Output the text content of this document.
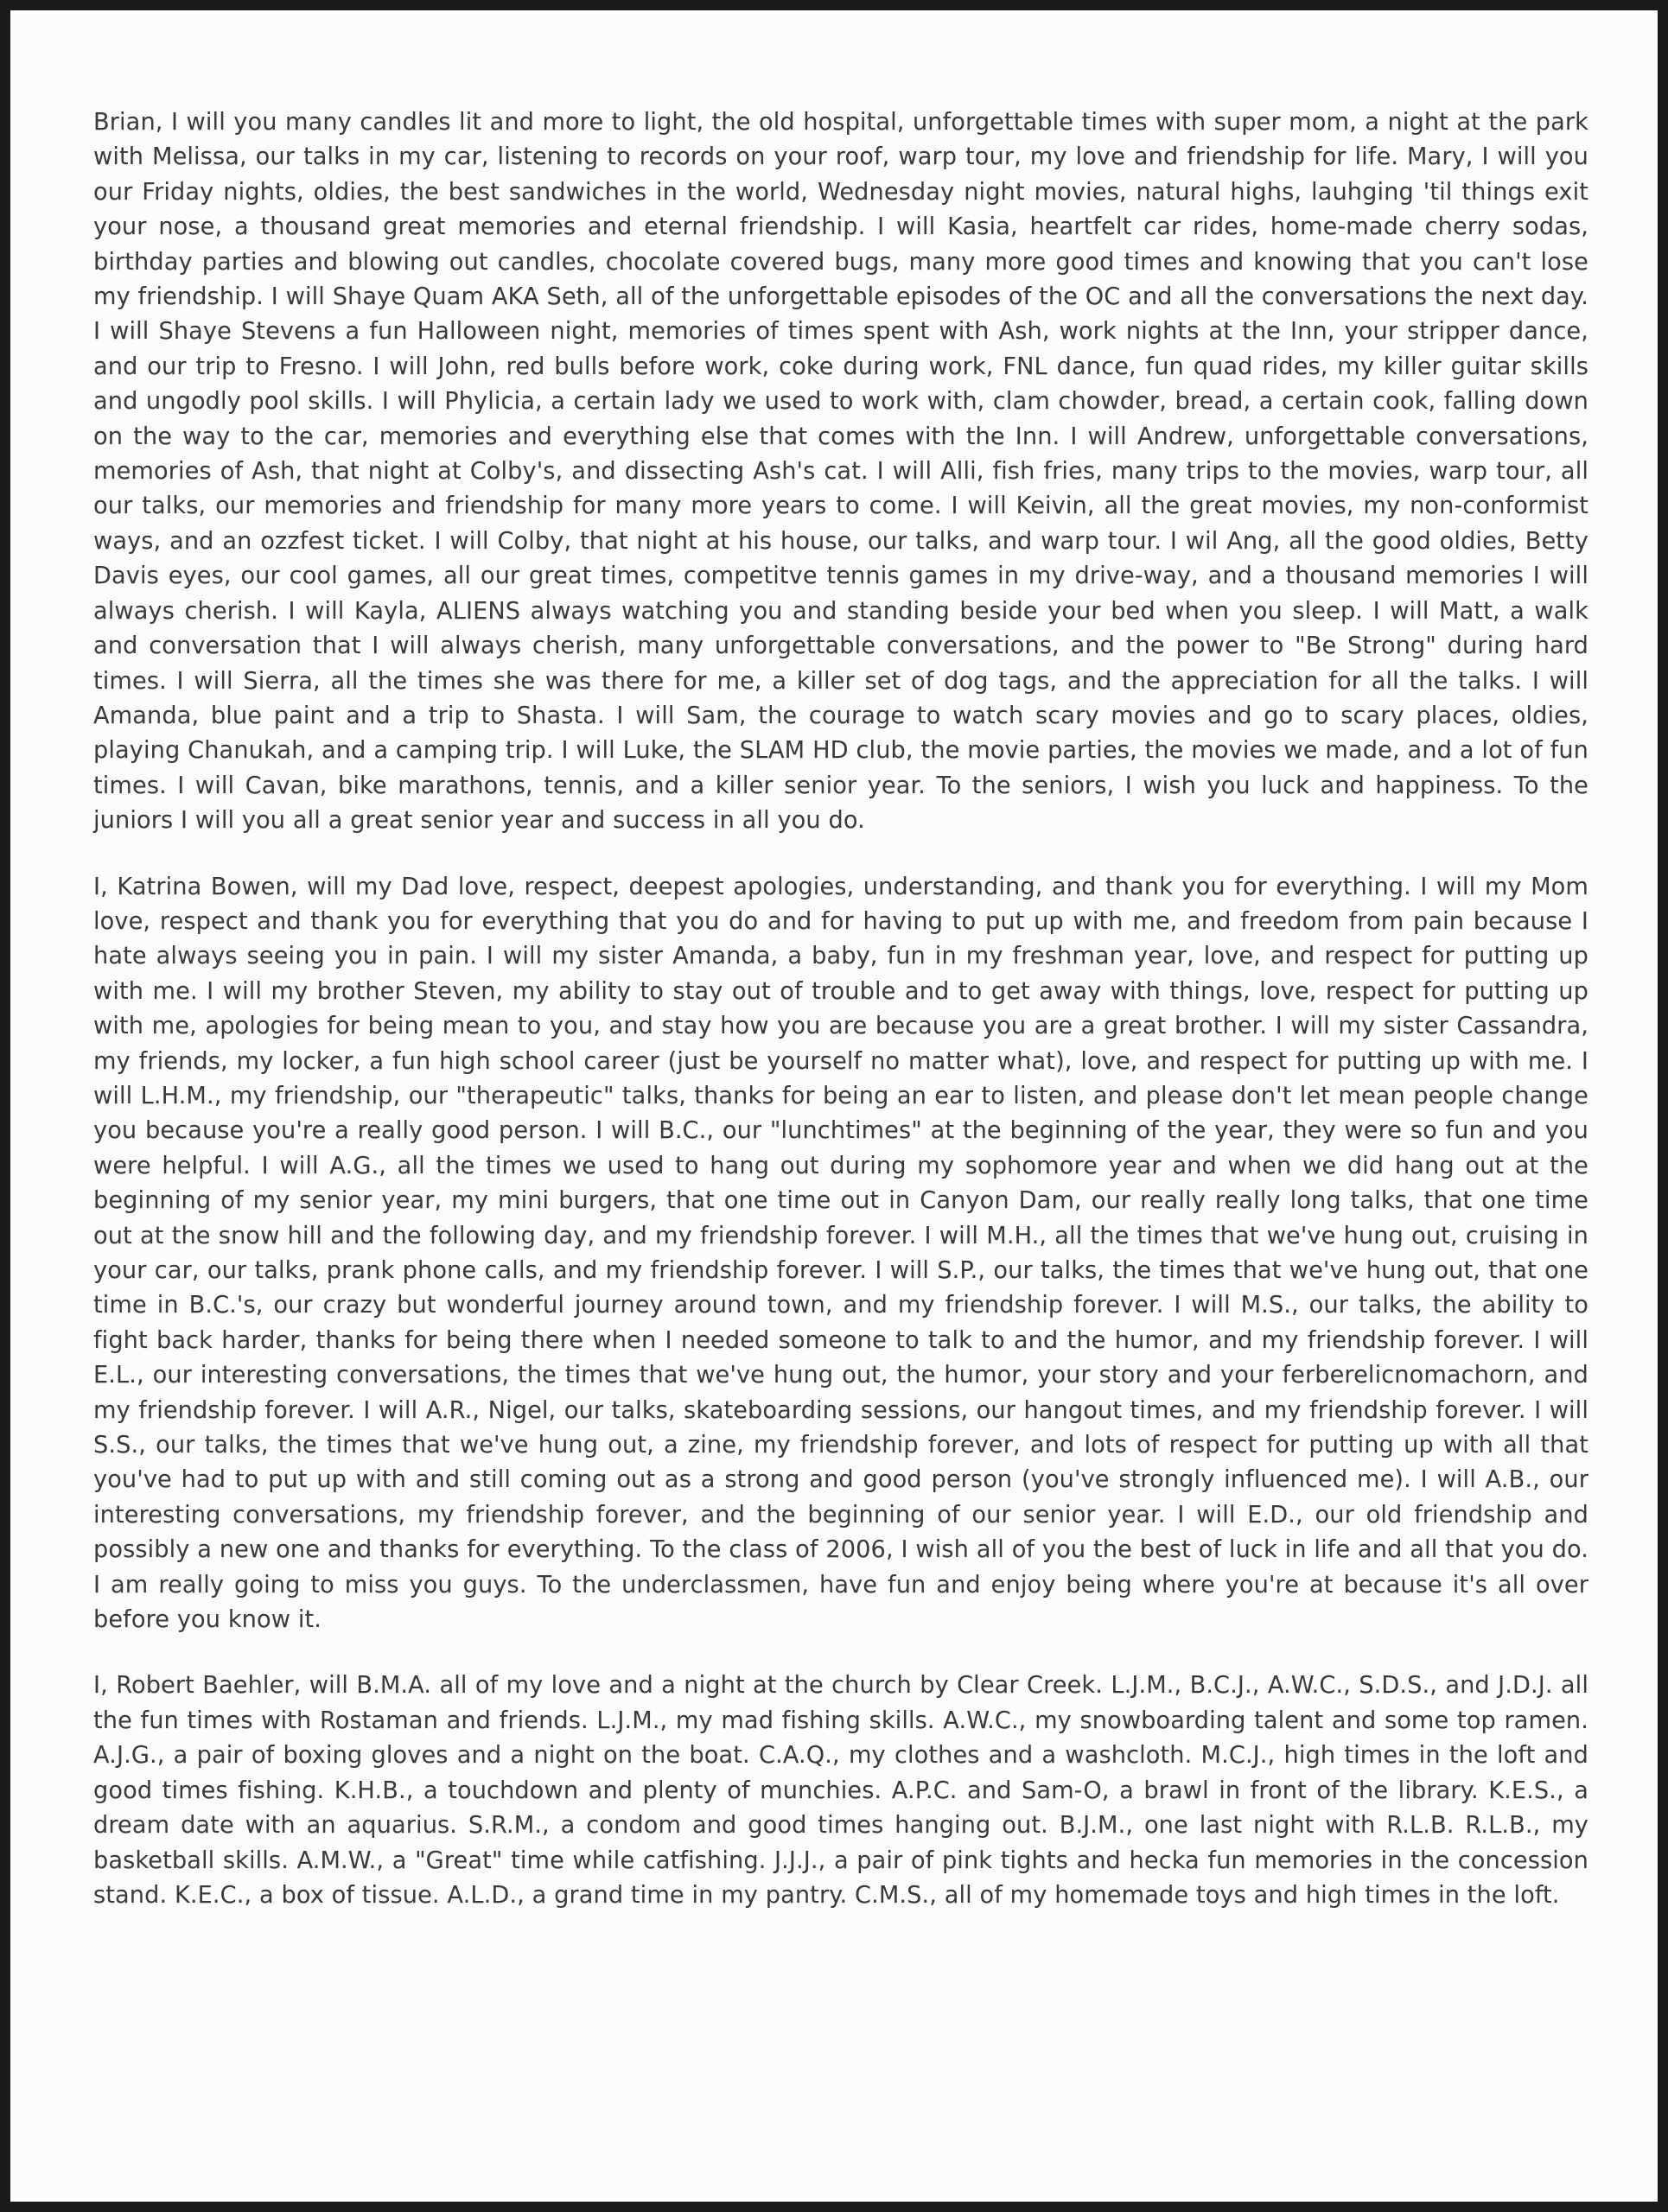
Brian, I will you many candles lit and more to light, the old hospital, unforgettable times with super mom, a night at the park with Melissa, our talks in my car, listening to records on your roof, warp tour, my love and friendship for life. Mary, I will you our Friday nights, oldies, the best sandwiches in the world, Wednesday night movies, natural highs, lauhging 'til things exit your nose, a thousand great memories and eternal friendship. I will Kasia, heartfelt car rides, home-made cherry sodas, birthday parties and blowing out candles, chocolate covered bugs, many more good times and knowing that you can't lose my friendship. I will Shaye Quam AKA Seth, all of the unforgettable episodes of the OC and all the conversations the next day. I will Shaye Stevens a fun Halloween night, memories of times spent with Ash, work nights at the Inn, your stripper dance, and our trip to Fresno. I will John, red bulls before work, coke during work, FNL dance, fun quad rides, my killer guitar skills and ungodly pool skills. I will Phylicia, a certain lady we used to work with, clam chowder, bread, a certain cook, falling down on the way to the car, memories and everything else that comes with the Inn. I will Andrew, unforgettable conversations, memories of Ash, that night at Colby's, and dissecting Ash's cat. I will Alli, fish fries, many trips to the movies, warp tour, all our talks, our memories and friendship for many more years to come. I will Keivin, all the great movies, my non-conformist ways, and an ozzfest ticket. I will Colby, that night at his house, our talks, and warp tour. I wil Ang, all the good oldies, Betty Davis eyes, our cool games, all our great times, competitve tennis games in my drive-way, and a thousand memories I will always cherish. I will Kayla, ALIENS always watching you and standing beside your bed when you sleep. I will Matt, a walk and conversation that I will always cherish, many unforgettable conversations, and the power to "Be Strong" during hard times. I will Sierra, all the times she was there for me, a killer set of dog tags, and the appreciation for all the talks. I will Amanda, blue paint and a trip to Shasta. I will Sam, the courage to watch scary movies and go to scary places, oldies, playing Chanukah, and a camping trip. I will Luke, the SLAM HD club, the movie parties, the movies we made, and a lot of fun times. I will Cavan, bike marathons, tennis, and a killer senior year. To the seniors, I wish you luck and happiness. To the juniors I will you all a great senior year and success in all you do.

I, Katrina Bowen, will my Dad love, respect, deepest apologies, understanding, and thank you for everything. I will my Mom love, respect and thank you for everything that you do and for having to put up with me, and freedom from pain because I hate always seeing you in pain. I will my sister Amanda, a baby, fun in my freshman year, love, and respect for putting up with me. I will my brother Steven, my ability to stay out of trouble and to get away with things, love, respect for putting up with me, apologies for being mean to you, and stay how you are because you are a great brother. I will my sister Cassandra, my friends, my locker, a fun high school career (just be yourself no matter what), love, and respect for putting up with me. I will L.H.M., my friendship, our "therapeutic" talks, thanks for being an ear to listen, and please don't let mean people change you because you're a really good person. I will B.C., our "lunchtimes" at the beginning of the year, they were so fun and you were helpful. I will A.G., all the times we used to hang out during my sophomore year and when we did hang out at the beginning of my senior year, my mini burgers, that one time out in Canyon Dam, our really really long talks, that one time out at the snow hill and the following day, and my friendship forever. I will M.H., all the times that we've hung out, cruising in your car, our talks, prank phone calls, and my friendship forever. I will S.P., our talks, the times that we've hung out, that one time in B.C.'s, our crazy but wonderful journey around town, and my friendship forever. I will M.S., our talks, the ability to fight back harder, thanks for being there when I needed someone to talk to and the humor, and my friendship forever. I will E.L., our interesting conversations, the times that we've hung out, the humor, your story and your ferberelicnomachorn, and my friendship forever. I will A.R., Nigel, our talks, skateboarding sessions, our hangout times, and my friendship forever. I will S.S., our talks, the times that we've hung out, a zine, my friendship forever, and lots of respect for putting up with all that you've had to put up with and still coming out as a strong and good person (you've strongly influenced me). I will A.B., our interesting conversations, my friendship forever, and the beginning of our senior year. I will E.D., our old friendship and possibly a new one and thanks for everything. To the class of 2006, I wish all of you the best of luck in life and all that you do. I am really going to miss you guys. To the underclassmen, have fun and enjoy being where you're at because it's all over before you know it.

I, Robert Baehler, will B.M.A. all of my love and a night at the church by Clear Creek. L.J.M., B.C.J., A.W.C., S.D.S., and J.D.J. all the fun times with Rostaman and friends. L.J.M., my mad fishing skills. A.W.C., my snowboarding talent and some top ramen. A.J.G., a pair of boxing gloves and a night on the boat. C.A.Q., my clothes and a washcloth. M.C.J., high times in the loft and good times fishing. K.H.B., a touchdown and plenty of munchies. A.P.C. and Sam-O, a brawl in front of the library. K.E.S., a dream date with an aquarius. S.R.M., a condom and good times hanging out. B.J.M., one last night with R.L.B. R.L.B., my basketball skills. A.M.W., a "Great" time while catfishing. J.J.J., a pair of pink tights and hecka fun memories in the concession stand. K.E.C., a box of tissue. A.L.D., a grand time in my pantry. C.M.S., all of my homemade toys and high times in the loft.
